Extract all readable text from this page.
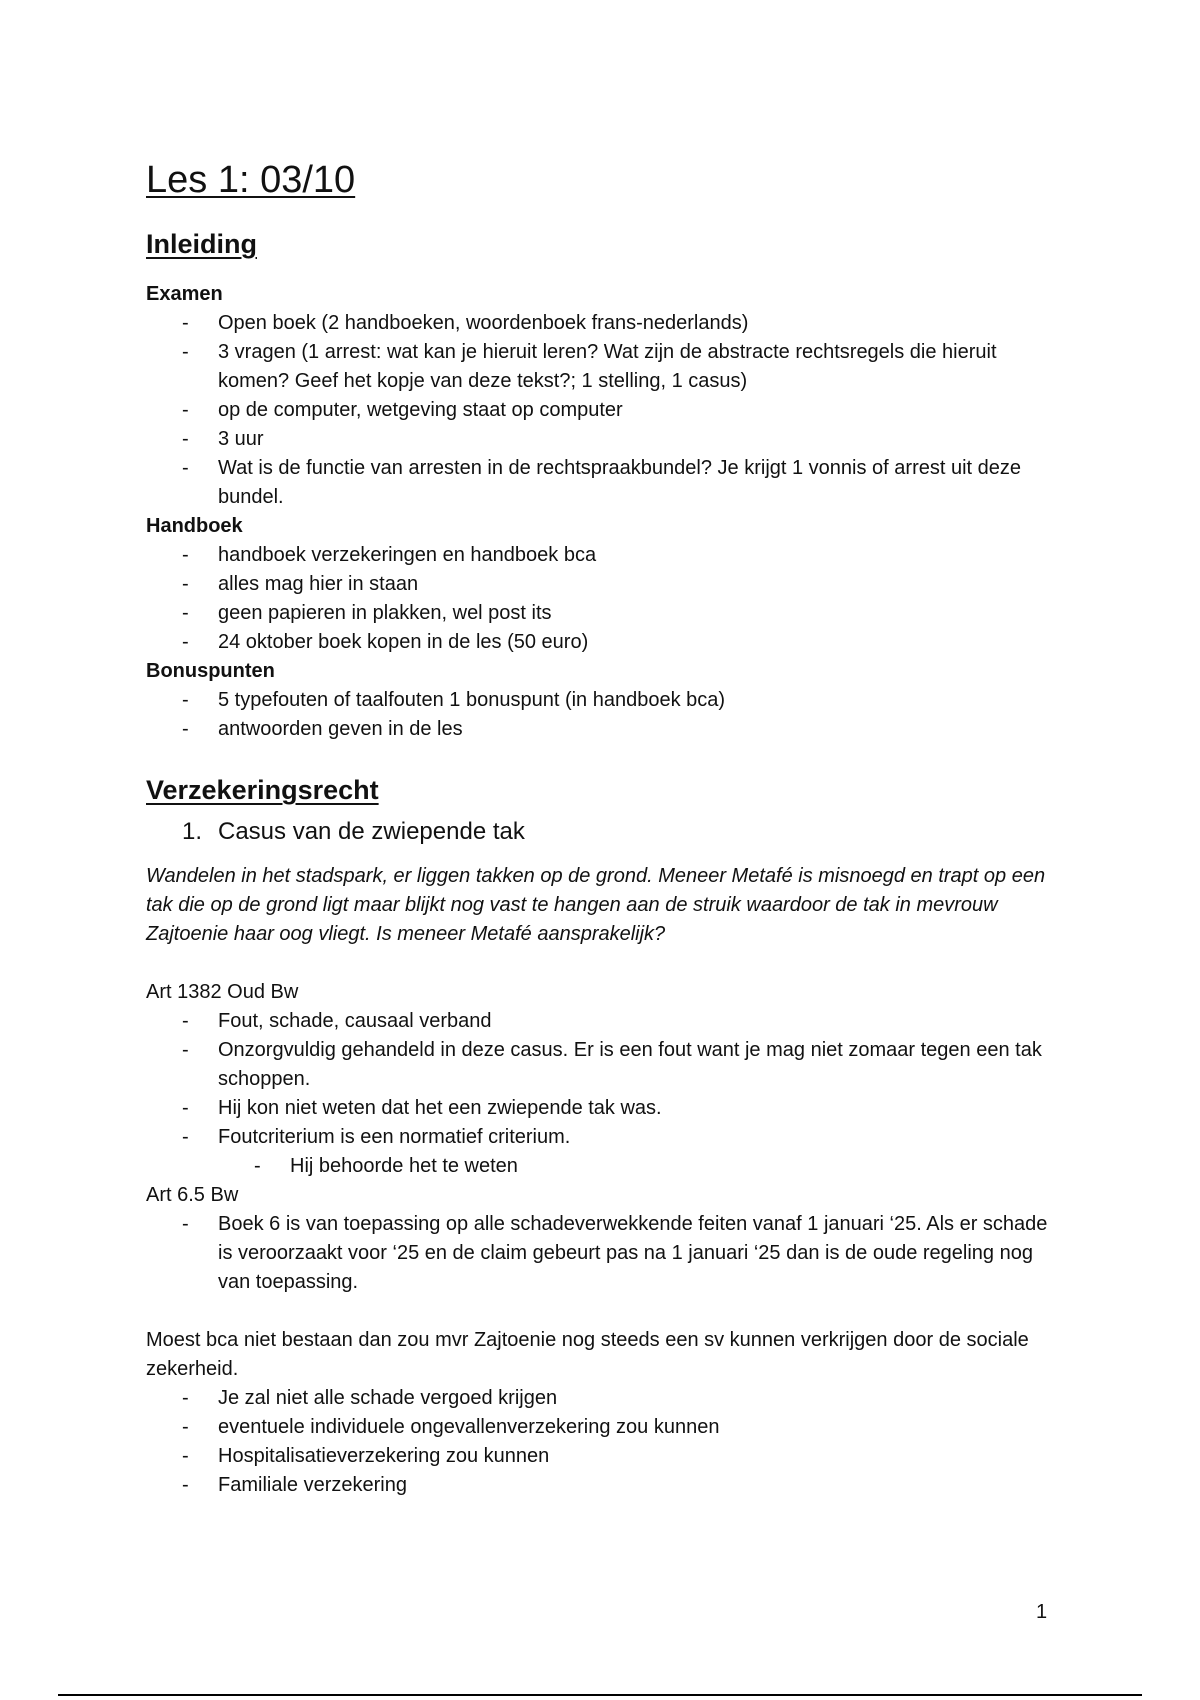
Les 1: 03/10
Inleiding
Examen
- Open boek (2 handboeken, woordenboek frans-nederlands)
- 3 vragen (1 arrest: wat kan je hieruit leren? Wat zijn de abstracte rechtsregels die hieruit komen? Geef het kopje van deze tekst?; 1 stelling, 1 casus)
- op de computer, wetgeving staat op computer
- 3 uur
- Wat is de functie van arresten in de rechtspraakbundel? Je krijgt 1 vonnis of arrest uit deze bundel.
Handboek
- handboek verzekeringen en handboek bca
- alles mag hier in staan
- geen papieren in plakken, wel post its
- 24 oktober boek kopen in de les (50 euro)
Bonuspunten
- 5 typefouten of taalfouten 1 bonuspunt (in handboek bca)
- antwoorden geven in de les
Verzekeringsrecht
1. Casus van de zwiepende tak

Wandelen in het stadspark, er liggen takken op de grond. Meneer Metafé is misnoegd en trapt op een tak die op de grond ligt maar blijkt nog vast te hangen aan de struik waardoor de tak in mevrouw Zajtoenie haar oog vliegt. Is meneer Metafé aansprakelijk?

Art 1382 Oud Bw

- Fout, schade, causaal verband
- Onzorgvuldig gehandeld in deze casus. Er is een fout want je mag niet zomaar tegen een tak schoppen.
- Hij kon niet weten dat het een zwiepende tak was.
- Foutcriterium is een normatief criterium.
- Hij behoorde het te weten

Art 6.5 Bw

- Boek 6 is van toepassing op alle schadeverwekkende feiten vanaf 1 januari ‘25. Als er schade is veroorzaakt voor ‘25 en de claim gebeurt pas na 1 januari ‘25 dan is de oude regeling nog van toepassing.

Moest bca niet bestaan dan zou mvr Zajtoenie nog steeds een sv kunnen verkrijgen door de sociale zekerheid.

- Je zal niet alle schade vergoed krijgen
- eventuele individuele ongevallenverzekering zou kunnen
- Hospitalisatieverzekering zou kunnen
- Familiale verzekering
1
